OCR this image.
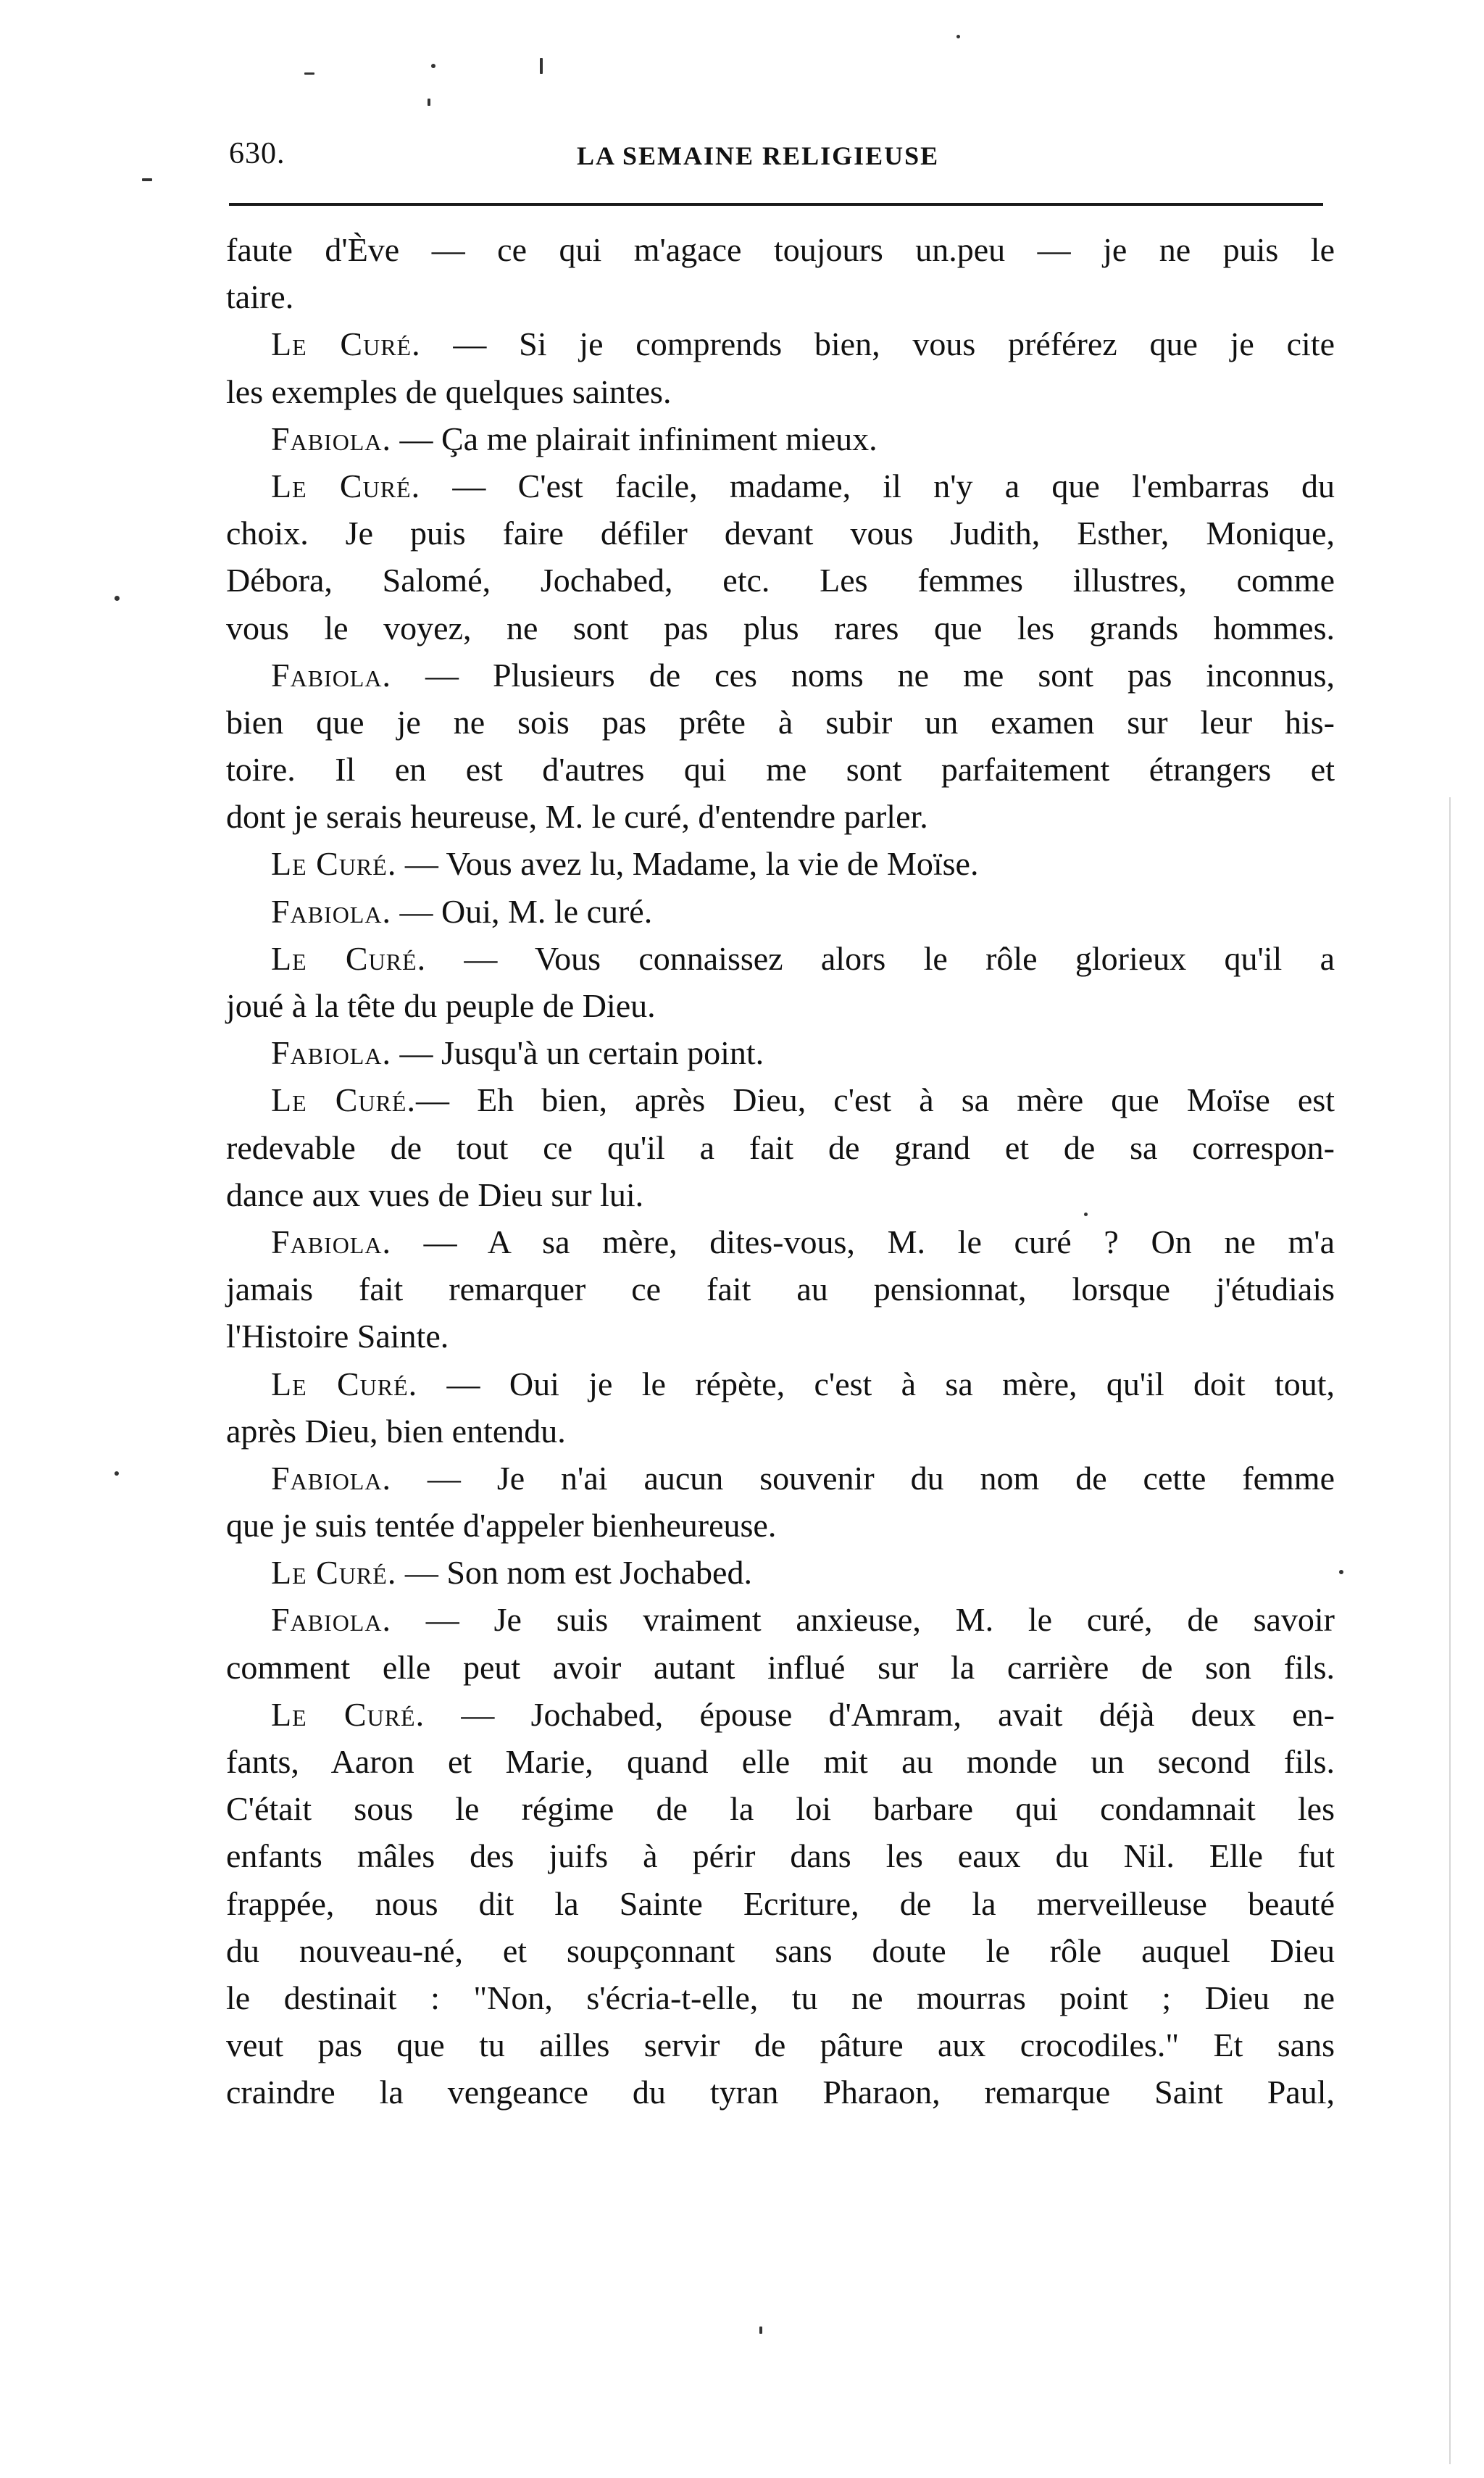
630.	LA SEMAINE RELIGIEUSE
faute d'Ève — ce qui m'agace toujours un.peu — je ne puis le
taire.
Le Curé. — Si je comprends bien, vous préférez que je cite
les exemples de quelques saintes.
Fabiola. — Ça me plairait infiniment mieux.
Le Curé. — C'est facile, madame, il n'y a que l'embarras du
choix. Je puis faire défiler devant vous Judith, Esther, Monique,
Débora, Salomé, Jochabed, etc. Les femmes illustres, comme
vous le voyez, ne sont pas plus rares que les grands hommes.
Fabiola. — Plusieurs de ces noms ne me sont pas inconnus,
bien que je ne sois pas prête à subir un examen sur leur his-
toire. Il en est d'autres qui me sont parfaitement étrangers et
dont je serais heureuse, M. le curé, d'entendre parler.
Le Curé. — Vous avez lu, Madame, la vie de Moïse.
Fabiola. — Oui, M. le curé.
Le Curé. — Vous connaissez alors le rôle glorieux qu'il a
joué à la tête du peuple de Dieu.
Fabiola. — Jusqu'à un certain point.
Le Curé.— Eh bien, après Dieu, c'est à sa mère que Moïse est
redevable de tout ce qu'il a fait de grand et de sa correspon-
dance aux vues de Dieu sur lui.
Fabiola. — A sa mère, dites-vous, M. le curé ? On ne m'a
jamais fait remarquer ce fait au pensionnat, lorsque j'étudiais
l'Histoire Sainte.
Le Curé. — Oui je le répète, c'est à sa mère, qu'il doit tout,
après Dieu, bien entendu.
Fabiola. — Je n'ai aucun souvenir du nom de cette femme
que je suis tentée d'appeler bienheureuse.
Le Curé. — Son nom est Jochabed.
Fabiola. — Je suis vraiment anxieuse, M. le curé, de savoir
comment elle peut avoir autant influé sur la carrière de son fils.
Le Curé. — Jochabed, épouse d'Amram, avait déjà deux en-
fants, Aaron et Marie, quand elle mit au monde un second fils.
C'était sous le régime de la loi barbare qui condamnait les
enfants mâles des juifs à périr dans les eaux du Nil. Elle fut
frappée, nous dit la Sainte Ecriture, de la merveilleuse beauté
du nouveau-né, et soupçonnant sans doute le rôle auquel Dieu
le destinait : "Non, s'écria-t-elle, tu ne mourras point ; Dieu ne
veut pas que tu ailles servir de pâture aux crocodiles." Et sans
craindre la vengeance du tyran Pharaon, remarque Saint Paul,
